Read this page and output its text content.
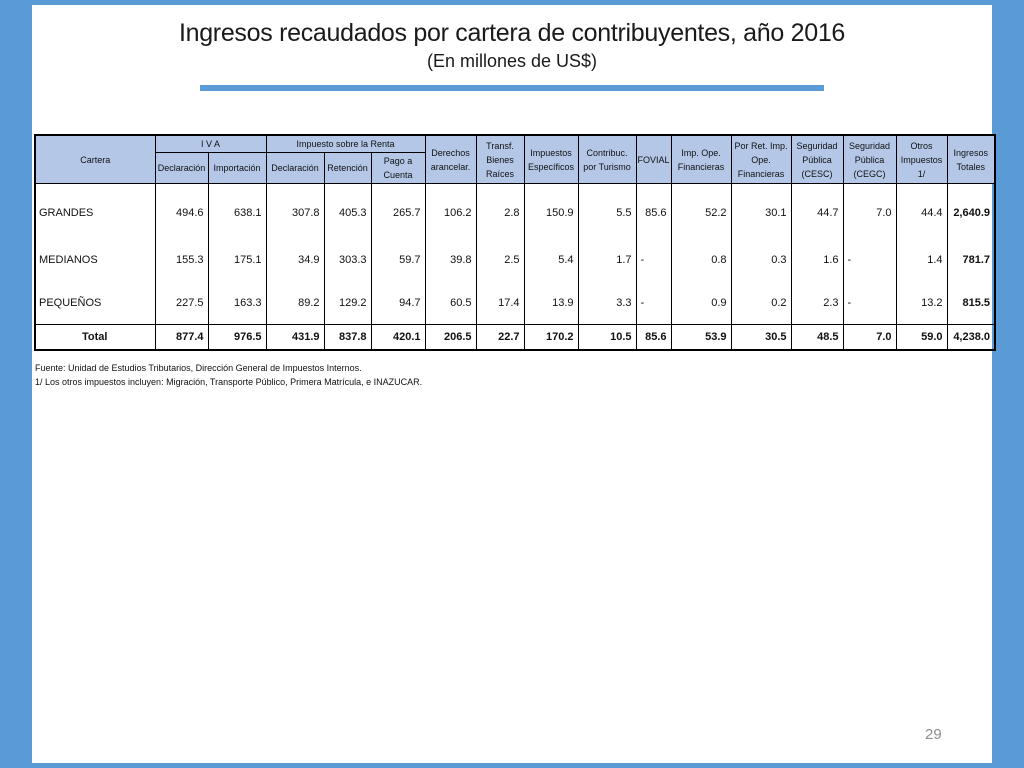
Ingresos recaudados por cartera de contribuyentes, año 2016
(En millones de US$)
Cartera	I V A		Impuesto sobre la Renta			Derechos arancelar.	Transf. Bienes Raíces	Impuestos Específicos	Contribuc. por Turismo	FOVIAL	Imp. Ope. Financieras	Por Ret. Imp. Ope. Financieras	Seguridad Pública (CESC)	Seguridad Pública (CEGC)	Otros Impuestos 1/	Ingresos Totales
	Declaración	Importación	Declaración	Retención	Pago a Cuenta											
GRANDES	494.6	638.1	307.8	405.3	265.7	106.2	2.8	150.9	5.5	85.6	52.2	30.1	44.7	7.0	44.4	2,640.9
MEDIANOS	155.3	175.1	34.9	303.3	59.7	39.8	2.5	5.4	1.7	-	0.8	0.3	1.6	-	1.4	781.7
PEQUEÑOS	227.5	163.3	89.2	129.2	94.7	60.5	17.4	13.9	3.3	-	0.9	0.2	2.3	-	13.2	815.5
Total	877.4	976.5	431.9	837.8	420.1	206.5	22.7	170.2	10.5	85.6	53.9	30.5	48.5	7.0	59.0	4,238.0
Fuente: Unidad de Estudios Tributarios, Dirección General de Impuestos Internos.
1/ Los otros impuestos incluyen: Migración, Transporte Público, Primera Matrícula, e INAZUCAR.
29
